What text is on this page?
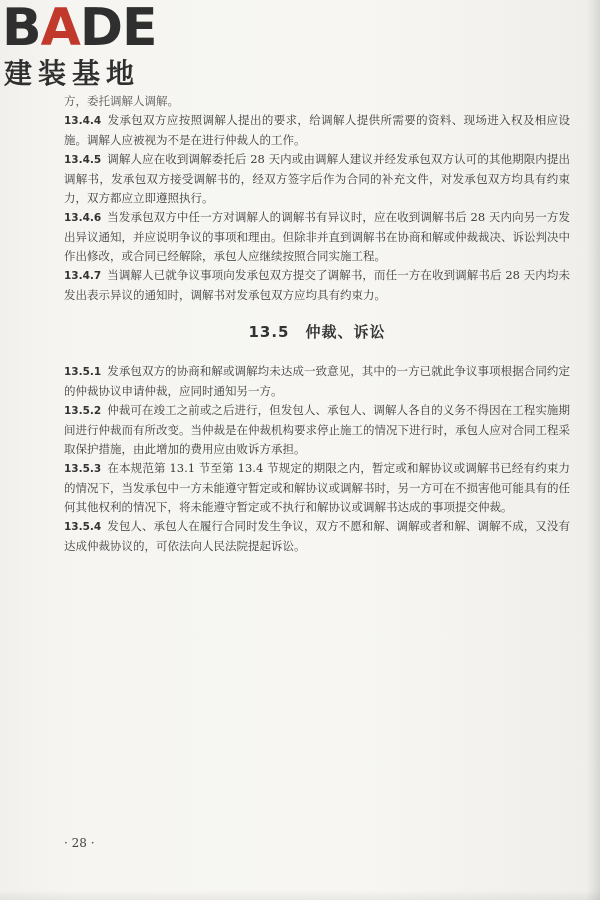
BADE
建装基地

方，委托调解人调解。

13.4.4 发承包双方应按照调解人提出的要求，给调解人提供所需要的资料、现场进入权及相应设施。调解人应被视为不是在进行仲裁人的工作。

13.4.5 调解人应在收到调解委托后 28 天内或由调解人建议并经发承包双方认可的其他期限内提出调解书，发承包双方接受调解书的，经双方签字后作为合同的补充文件，对发承包双方均具有约束力，双方都应立即遵照执行。

13.4.6 当发承包双方中任一方对调解人的调解书有异议时，应在收到调解书后 28 天内向另一方发出异议通知，并应说明争议的事项和理由。但除非并直到调解书在协商和解或仲裁裁决、诉讼判决中作出修改，或合同已经解除，承包人应继续按照合同实施工程。

13.4.7 当调解人已就争议事项向发承包双方提交了调解书，而任一方在收到调解书后 28 天内均未发出表示异议的通知时，调解书对发承包双方应均具有约束力。

13.5　仲裁、诉讼

13.5.1 发承包双方的协商和解或调解均未达成一致意见，其中的一方已就此争议事项根据合同约定的仲裁协议申请仲裁，应同时通知另一方。

13.5.2 仲裁可在竣工之前或之后进行，但发包人、承包人、调解人各自的义务不得因在工程实施期间进行仲裁而有所改变。当仲裁是在仲裁机构要求停止施工的情况下进行时，承包人应对合同工程采取保护措施，由此增加的费用应由败诉方承担。

13.5.3 在本规范第 13.1 节至第 13.4 节规定的期限之内，暂定或和解协议或调解书已经有约束力的情况下，当发承包中一方未能遵守暂定或和解协议或调解书时，另一方可在不损害他可能具有的任何其他权利的情况下，将未能遵守暂定或不执行和解协议或调解书达成的事项提交仲裁。

13.5.4 发包人、承包人在履行合同时发生争议，双方不愿和解、调解或者和解、调解不成，又没有达成仲裁协议的，可依法向人民法院提起诉讼。

· 28 ·
